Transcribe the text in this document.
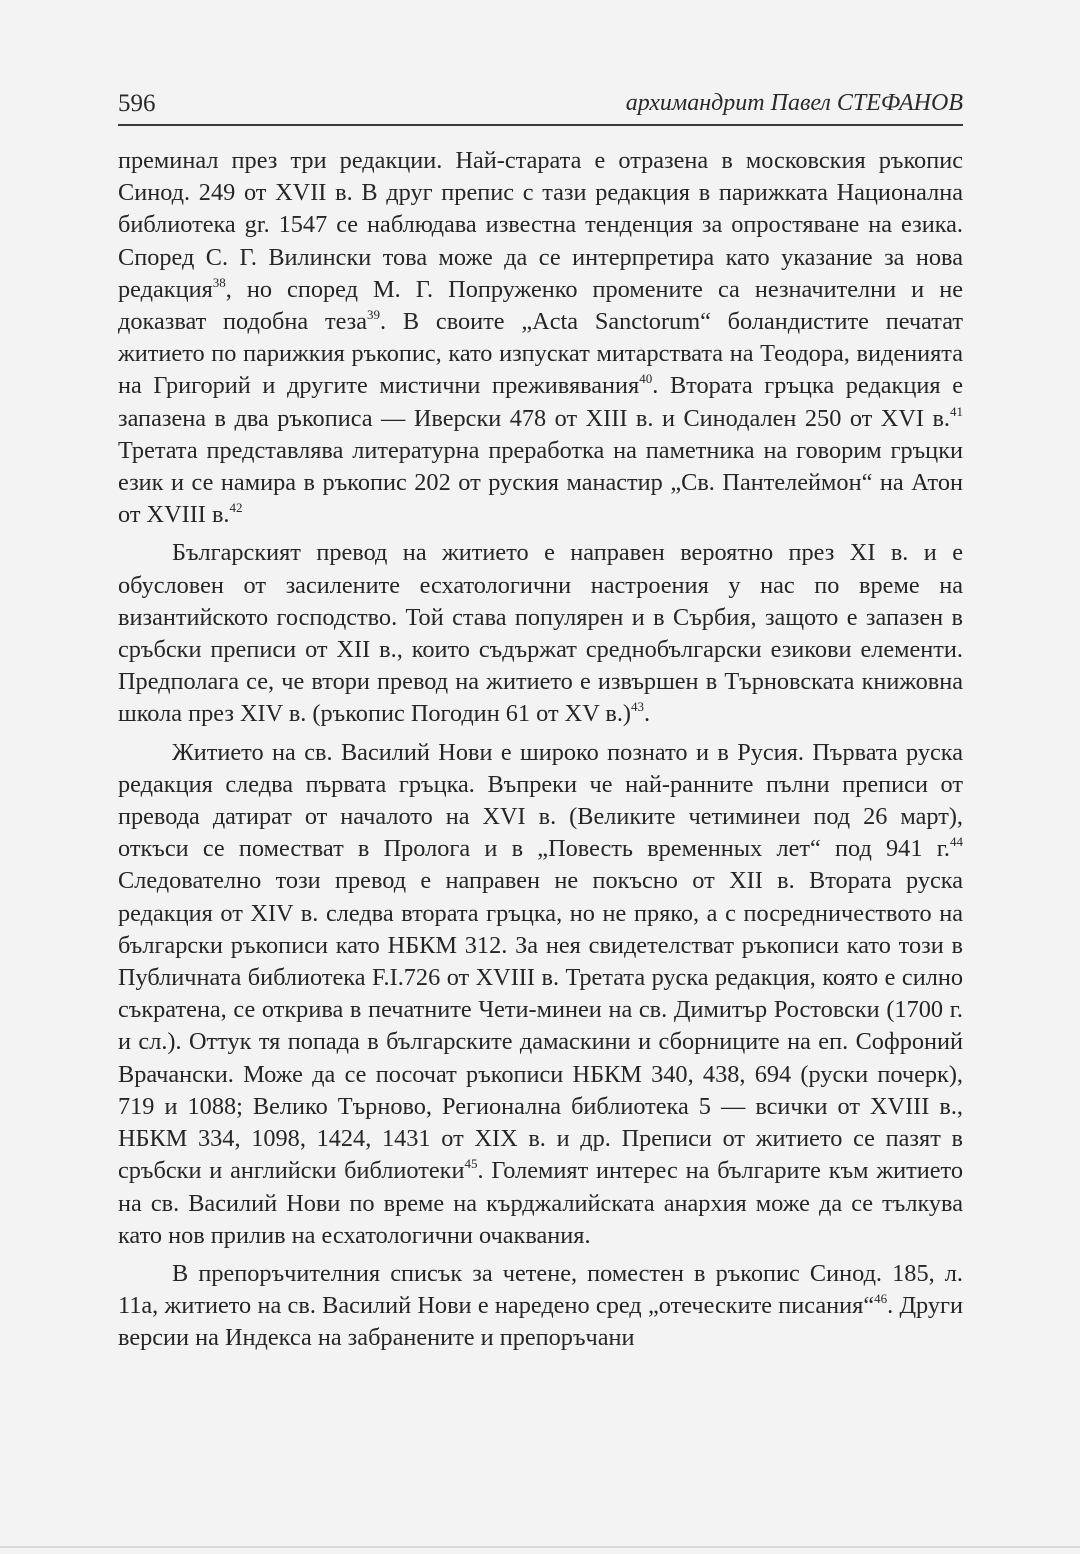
596	архимандрит Павел СТЕФАНОВ

преминал през три редакции. Най-старата е отразена в московския ръкопис Синод. 249 от XVII в. В друг препис с тази редакция в парижката Национална библиотека gr. 1547 се наблюдава известна тенденция за опростяване на езика. Според С. Г. Вилински това може да се интерпретира като указание за нова редакция$^{38}$, но според М. Г. Попруженко промените са незначителни и не доказват подобна теза$^{39}$. В своите „Acta Sanctorum“ боландистите печатат житието по парижкия ръкопис, като изпускат митарствата на Теодора, виденията на Григорий и другите мистични преживявания$^{40}$. Втората гръцка редакция е запазена в два ръкописа — Иверски 478 от XIII в. и Синодален 250 от XVI в.$^{41}$ Третата представлява литературна преработка на паметника на говорим гръцки език и се намира в ръкопис 202 от руския манастир „Св. Пантелеймон“ на Атон от XVIII в.$^{42}$

Българският превод на житието е направен вероятно през XI в. и е обусловен от засилените есхатологични настроения у нас по време на византийското господство. Той става популярен и в Сърбия, защото е запазен в сръбски преписи от XII в., които съдържат среднобългарски езикови елементи. Предполага се, че втори превод на житието е извършен в Търновската книжовна школа през XIV в. (ръкопис Погодин 61 от XV в.)$^{43}$.

Житието на св. Василий Нови е широко познато и в Русия. Първата руска редакция следва първата гръцка. Въпреки че най-ранните пълни преписи от превода датират от началото на XVI в. (Великите четиминеи под 26 март), откъси се поместват в Пролога и в „Повесть временных лет“ под 941 г.$^{44}$ Следователно този превод е направен не покъсно от XII в. Втората руска редакция от XIV в. следва втората гръцка, но не пряко, а с посредничеството на български ръкописи като НБКМ 312. За нея свидетелстват ръкописи като този в Публичната библиотека F.I.726 от XVIII в. Третата руска редакция, която е силно съкратена, се открива в печатните Чети-минеи на св. Димитър Ростовски (1700 г. и сл.). Оттук тя попада в българските дамаскини и сборниците на еп. Софроний Врачански. Може да се посочат ръкописи НБКМ 340, 438, 694 (руски почерк), 719 и 1088; Велико Търново, Регионална библиотека 5 — всички от XVIII в., НБКМ 334, 1098, 1424, 1431 от XIX в. и др. Преписи от житието се пазят в сръбски и английски библиотеки$^{45}$. Големият интерес на българите към житието на св. Василий Нови по време на кърджалийската анархия може да се тълкува като нов прилив на есхатологични очаквания.

В препоръчителния списък за четене, поместен в ръкопис Синод. 185, л. 11а, житието на св. Василий Нови е наредено сред „отеческите писания“$^{46}$. Други версии на Индекса на забранените и препоръчани
